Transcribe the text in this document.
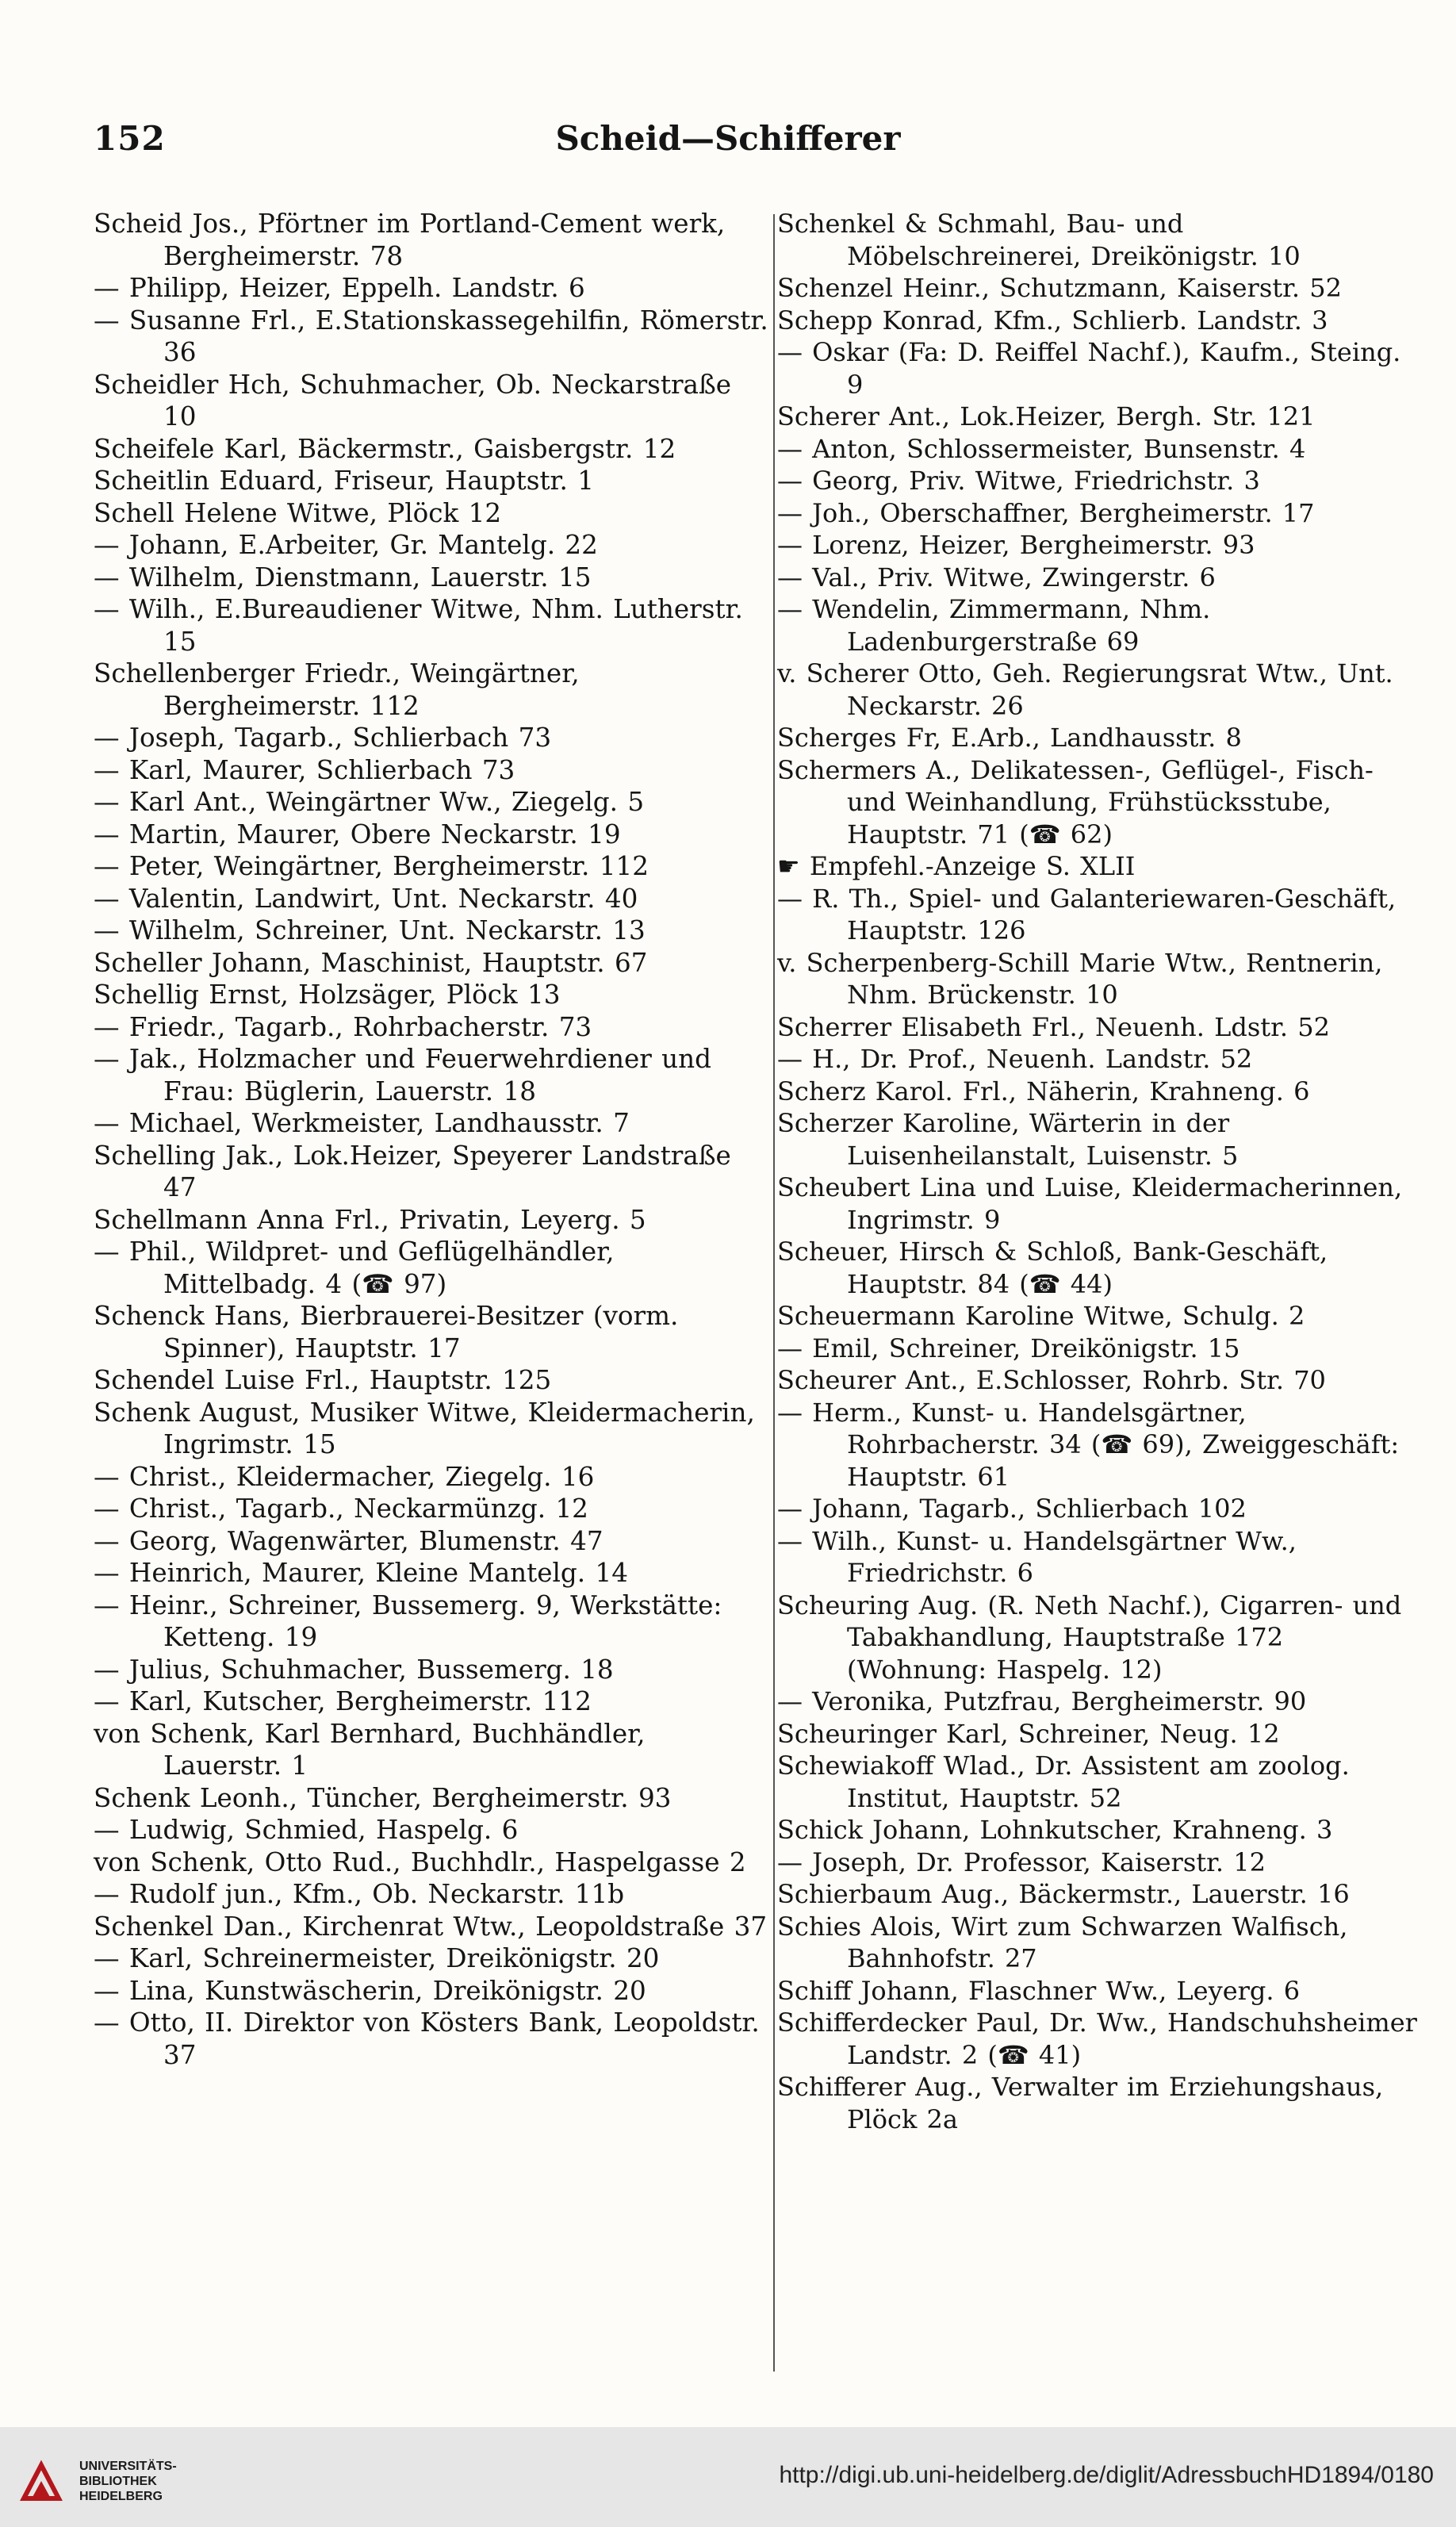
152	Scheid—Schifferer

Scheid Jos., Pförtner im Portland-Cement werk, Bergheimerstr. 78

— Philipp, Heizer, Eppelh. Landstr. 6

— Susanne Frl., E.Stationskassegehilfin, Römerstr. 36

Scheidler Hch, Schuhmacher, Ob. Neckarstraße 10

Scheifele Karl, Bäckermstr., Gaisbergstr. 12

Scheitlin Eduard, Friseur, Hauptstr. 1

Schell Helene Witwe, Plöck 12

— Johann, E.Arbeiter, Gr. Mantelg. 22

— Wilhelm, Dienstmann, Lauerstr. 15

— Wilh., E.Bureaudiener Witwe, Nhm. Lutherstr. 15

Schellenberger Friedr., Weingärtner, Bergheimerstr. 112

— Joseph, Tagarb., Schlierbach 73

— Karl, Maurer, Schlierbach 73

— Karl Ant., Weingärtner Ww., Ziegelg. 5

— Martin, Maurer, Obere Neckarstr. 19

— Peter, Weingärtner, Bergheimerstr. 112

— Valentin, Landwirt, Unt. Neckarstr. 40

— Wilhelm, Schreiner, Unt. Neckarstr. 13

Scheller Johann, Maschinist, Hauptstr. 67

Schellig Ernst, Holzsäger, Plöck 13

— Friedr., Tagarb., Rohrbacherstr. 73

— Jak., Holzmacher und Feuerwehrdiener und Frau: Büglerin, Lauerstr. 18

— Michael, Werkmeister, Landhausstr. 7

Schelling Jak., Lok.Heizer, Speyerer Landstraße 47

Schellmann Anna Frl., Privatin, Leyerg. 5

— Phil., Wildpret- und Geflügelhändler, Mittelbadg. 4 (☎ 97)

Schenck Hans, Bierbrauerei-Besitzer (vorm. Spinner), Hauptstr. 17

Schendel Luise Frl., Hauptstr. 125

Schenk August, Musiker Witwe, Kleidermacherin, Ingrimstr. 15

— Christ., Kleidermacher, Ziegelg. 16

— Christ., Tagarb., Neckarmünzg. 12

— Georg, Wagenwärter, Blumenstr. 47

— Heinrich, Maurer, Kleine Mantelg. 14

— Heinr., Schreiner, Bussemerg. 9, Werkstätte: Ketteng. 19

— Julius, Schuhmacher, Bussemerg. 18

— Karl, Kutscher, Bergheimerstr. 112

von Schenk, Karl Bernhard, Buchhändler, Lauerstr. 1

Schenk Leonh., Tüncher, Bergheimerstr. 93

— Ludwig, Schmied, Haspelg. 6

von Schenk, Otto Rud., Buchhdlr., Haspelgasse 2

— Rudolf jun., Kfm., Ob. Neckarstr. 11b

Schenkel Dan., Kirchenrat Wtw., Leopoldstraße 37

— Karl, Schreinermeister, Dreikönigstr. 20

— Lina, Kunstwäscherin, Dreikönigstr. 20

— Otto, II. Direktor von Kösters Bank, Leopoldstr. 37

Schenkel & Schmahl, Bau- und Möbelschreinerei, Dreikönigstr. 10

Schenzel Heinr., Schutzmann, Kaiserstr. 52

Schepp Konrad, Kfm., Schlierb. Landstr. 3

— Oskar (Fa: D. Reiffel Nachf.), Kaufm., Steing. 9

Scherer Ant., Lok.Heizer, Bergh. Str. 121

— Anton, Schlossermeister, Bunsenstr. 4

— Georg, Priv. Witwe, Friedrichstr. 3

— Joh., Oberschaffner, Bergheimerstr. 17

— Lorenz, Heizer, Bergheimerstr. 93

— Val., Priv. Witwe, Zwingerstr. 6

— Wendelin, Zimmermann, Nhm. Ladenburgerstraße 69

v. Scherer Otto, Geh. Regierungsrat Wtw., Unt. Neckarstr. 26

Scherges Fr, E.Arb., Landhausstr. 8

Schermers A., Delikatessen-, Geflügel-, Fisch- und Weinhandlung, Frühstücksstube, Hauptstr. 71 (☎ 62)

☛ Empfehl.-Anzeige S. XLII

— R. Th., Spiel- und Galanteriewaren-Geschäft, Hauptstr. 126

v. Scherpenberg-Schill Marie Wtw., Rentnerin, Nhm. Brückenstr. 10

Scherrer Elisabeth Frl., Neuenh. Ldstr. 52

— H., Dr. Prof., Neuenh. Landstr. 52

Scherz Karol. Frl., Näherin, Krahneng. 6

Scherzer Karoline, Wärterin in der Luisenheilanstalt, Luisenstr. 5

Scheubert Lina und Luise, Kleidermacherinnen, Ingrimstr. 9

Scheuer, Hirsch & Schloß, Bank-Geschäft, Hauptstr. 84 (☎ 44)

Scheuermann Karoline Witwe, Schulg. 2

— Emil, Schreiner, Dreikönigstr. 15

Scheurer Ant., E.Schlosser, Rohrb. Str. 70

— Herm., Kunst- u. Handelsgärtner, Rohrbacherstr. 34 (☎ 69), Zweiggeschäft: Hauptstr. 61

— Johann, Tagarb., Schlierbach 102

— Wilh., Kunst- u. Handelsgärtner Ww., Friedrichstr. 6

Scheuring Aug. (R. Neth Nachf.), Cigarren- und Tabakhandlung, Hauptstraße 172 (Wohnung: Haspelg. 12)

— Veronika, Putzfrau, Bergheimerstr. 90

Scheuringer Karl, Schreiner, Neug. 12

Schewiakoff Wlad., Dr. Assistent am zoolog. Institut, Hauptstr. 52

Schick Johann, Lohnkutscher, Krahneng. 3

— Joseph, Dr. Professor, Kaiserstr. 12

Schierbaum Aug., Bäckermstr., Lauerstr. 16

Schies Alois, Wirt zum Schwarzen Walfisch, Bahnhofstr. 27

Schiff Johann, Flaschner Ww., Leyerg. 6

Schifferdecker Paul, Dr. Ww., Handschuhsheimer Landstr. 2 (☎ 41)

Schifferer Aug., Verwalter im Erziehungshaus, Plöck 2a

UNIVERSITÄTS-
BIBLIOTHEK
HEIDELBERG
http://digi.ub.uni-heidelberg.de/diglit/AdressbuchHD1894/0180
